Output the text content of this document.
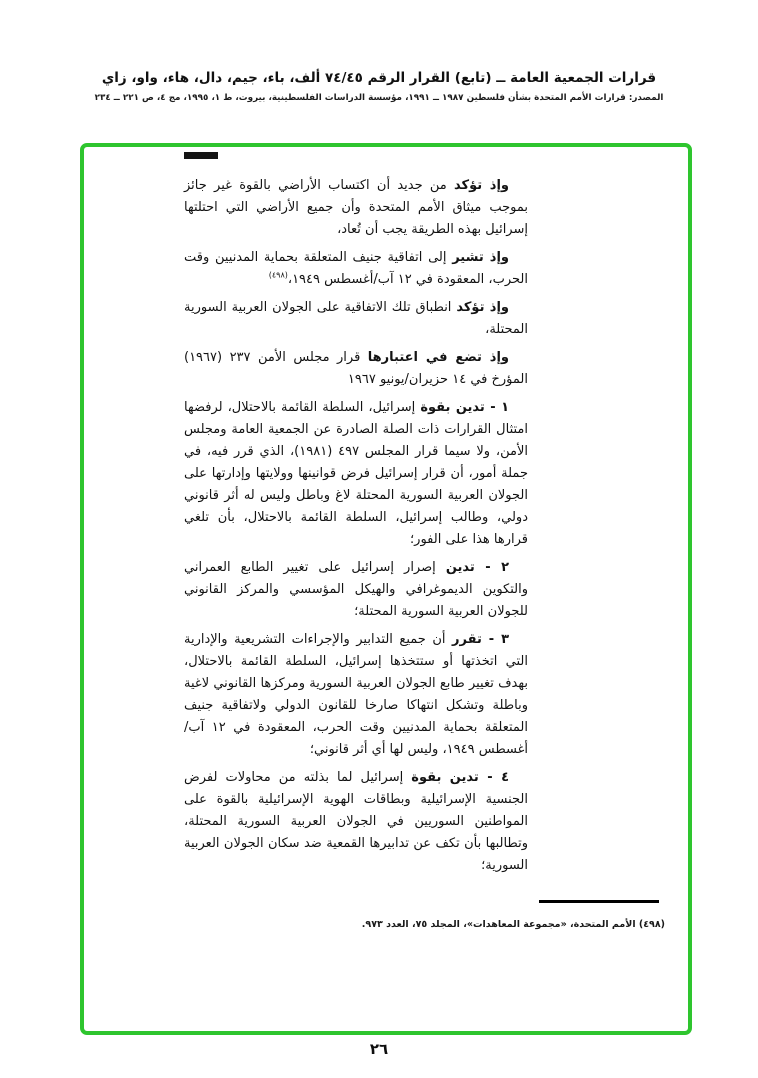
قرارات الجمعية العامة ــ (تابع) القرار الرقم ٧٤/٤٥ ألف، باء، جيم، دال، هاء، واو، زاي
المصدر: قرارات الأمم المتحدة بشأن فلسطين ١٩٨٧ ــ ١٩٩١، مؤسسة الدراسات الفلسطينية، بيروت، ط ١، ١٩٩٥، مج ٤، ص ٢٢١ ــ ٢٣٤

وإذ تؤكد من جديد أن اكتساب الأراضي بالقوة غير جائز بموجب ميثاق الأمم المتحدة وأن جميع الأراضي التي احتلتها إسرائيل بهذه الطريقة يجب أن تُعاد،

وإذ تشير إلى اتفاقية جنيف المتعلقة بحماية المدنيين وقت الحرب، المعقودة في ١٢ آب/أغسطس ١٩٤٩،$^{(٤٩٨)}$

وإذ تؤكد انطباق تلك الاتفاقية على الجولان العربية السورية المحتلة،

وإذ تضع في اعتبارها قرار مجلس الأمن ٢٣٧ (١٩٦٧) المؤرخ في ١٤ حزيران/يونيو ١٩٦٧

١ - تدين بقوة إسرائيل، السلطة القائمة بالاحتلال، لرفضها امتثال القرارات ذات الصلة الصادرة عن الجمعية العامة ومجلس الأمن، ولا سيما قرار المجلس ٤٩٧ (١٩٨١)، الذي قرر فيه، في جملة أمور، أن قرار إسرائيل فرض قوانينها وولايتها وإدارتها على الجولان العربية السورية المحتلة لاغ وباطل وليس له أثر قانوني دولي، وطالب إسرائيل، السلطة القائمة بالاحتلال، بأن تلغي قرارها هذا على الفور؛

٢ - تدين إصرار إسرائيل على تغيير الطابع العمراني والتكوين الديموغرافي والهيكل المؤسسي والمركز القانوني للجولان العربية السورية المحتلة؛

٣ - تقرر أن جميع التدابير والإجراءات التشريعية والإدارية التي اتخذتها أو ستتخذها إسرائيل، السلطة القائمة بالاحتلال، بهدف تغيير طابع الجولان العربية السورية ومركزها القانوني لاغية وباطلة وتشكل انتهاكا صارخا للقانون الدولي ولاتفاقية جنيف المتعلقة بحماية المدنيين وقت الحرب، المعقودة في ١٢ آب/أغسطس ١٩٤٩، وليس لها أي أثر قانوني؛

٤ - تدين بقوة إسرائيل لما بذلته من محاولات لفرض الجنسية الإسرائيلية وبطاقات الهوية الإسرائيلية بالقوة على المواطنين السوريين في الجولان العربية السورية المحتلة، وتطالبها بأن تكف عن تدابيرها القمعية ضد سكان الجولان العربية السورية؛

(٤٩٨) الأمم المتحدة، «مجموعة المعاهدات»، المجلد ٧٥، العدد ٩٧٣.
٢٦
